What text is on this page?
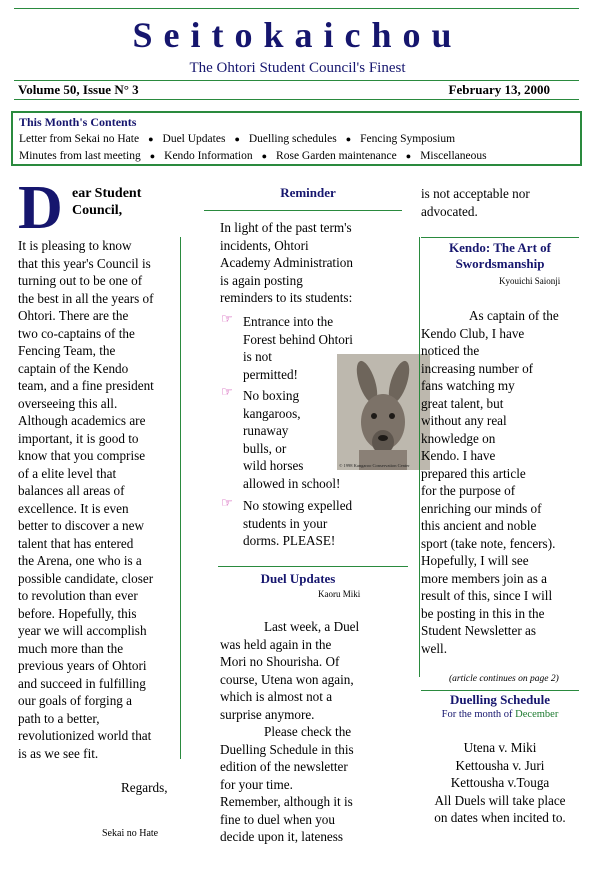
Seitokaichou
The Ohtori Student Council's Finest
Volume 50, Issue N° 3	February 13, 2000
This Month's Contents
Letter from Sekai no Hate ● Duel Updates ● Duelling schedules ● Fencing Symposium
Minutes from last meeting ● Kendo Information ● Rose Garden maintenance ● Miscellaneous
D ear Student
Council,
It is pleasing to know
that this year's Council is
turning out to be one of
the best in all the years of
Ohtori. There are the
two co-captains of the
Fencing Team, the
captain of the Kendo
team, and a fine president
overseeing this all.
Although academics are
important, it is good to
know that you comprise
of a elite level that
balances all areas of
excellence. It is even
better to discover a new
talent that has entered
the Arena, one who is a
possible candidate, closer
to revolution than ever
before. Hopefully, this
year we will accomplish
much more than the
previous years of Ohtori
and succeed in fulfilling
our goals of forging a
path to a better,
revolutionized world that
is as we see fit.
Regards,
Sekai no Hate
Reminder
In light of the past term's
incidents, Ohtori
Academy Administration
is again posting
reminders to its students:
☞ Entrance into the
Forest behind Ohtori
is not
permitted!
☞ No boxing
kangaroos,
runaway
bulls, or
wild horses
allowed in school!
☞ No stowing expelled
students in your
dorms. PLEASE!
© 1998 Kangaroo Conservation Center
Duel Updates
Kaoru Miki
Last week, a Duel
was held again in the
Mori no Shourisha. Of
course, Utena won again,
which is almost not a
surprise anymore.
Please check the
Duelling Schedule in this
edition of the newsletter
for your time.
Remember, although it is
fine to duel when you
decide upon it, lateness
is not acceptable nor
advocated.
Kendo: The Art of
Swordsmanship
Kyouichi Saionji
As captain of the
Kendo Club, I have
noticed the
increasing number of
fans watching my
great talent, but
without any real
knowledge on
Kendo. I have
prepared this article
for the purpose of
enriching our minds of
this ancient and noble
sport (take note, fencers).
Hopefully, I will see
more members join as a
result of this, since I will
be posting in this in the
Student Newsletter as
well.
(article continues on page 2)
Duelling Schedule
For the month of December
Utena v. Miki
Kettousha v. Juri
Kettousha v.Touga
All Duels will take place
on dates when incited to.
